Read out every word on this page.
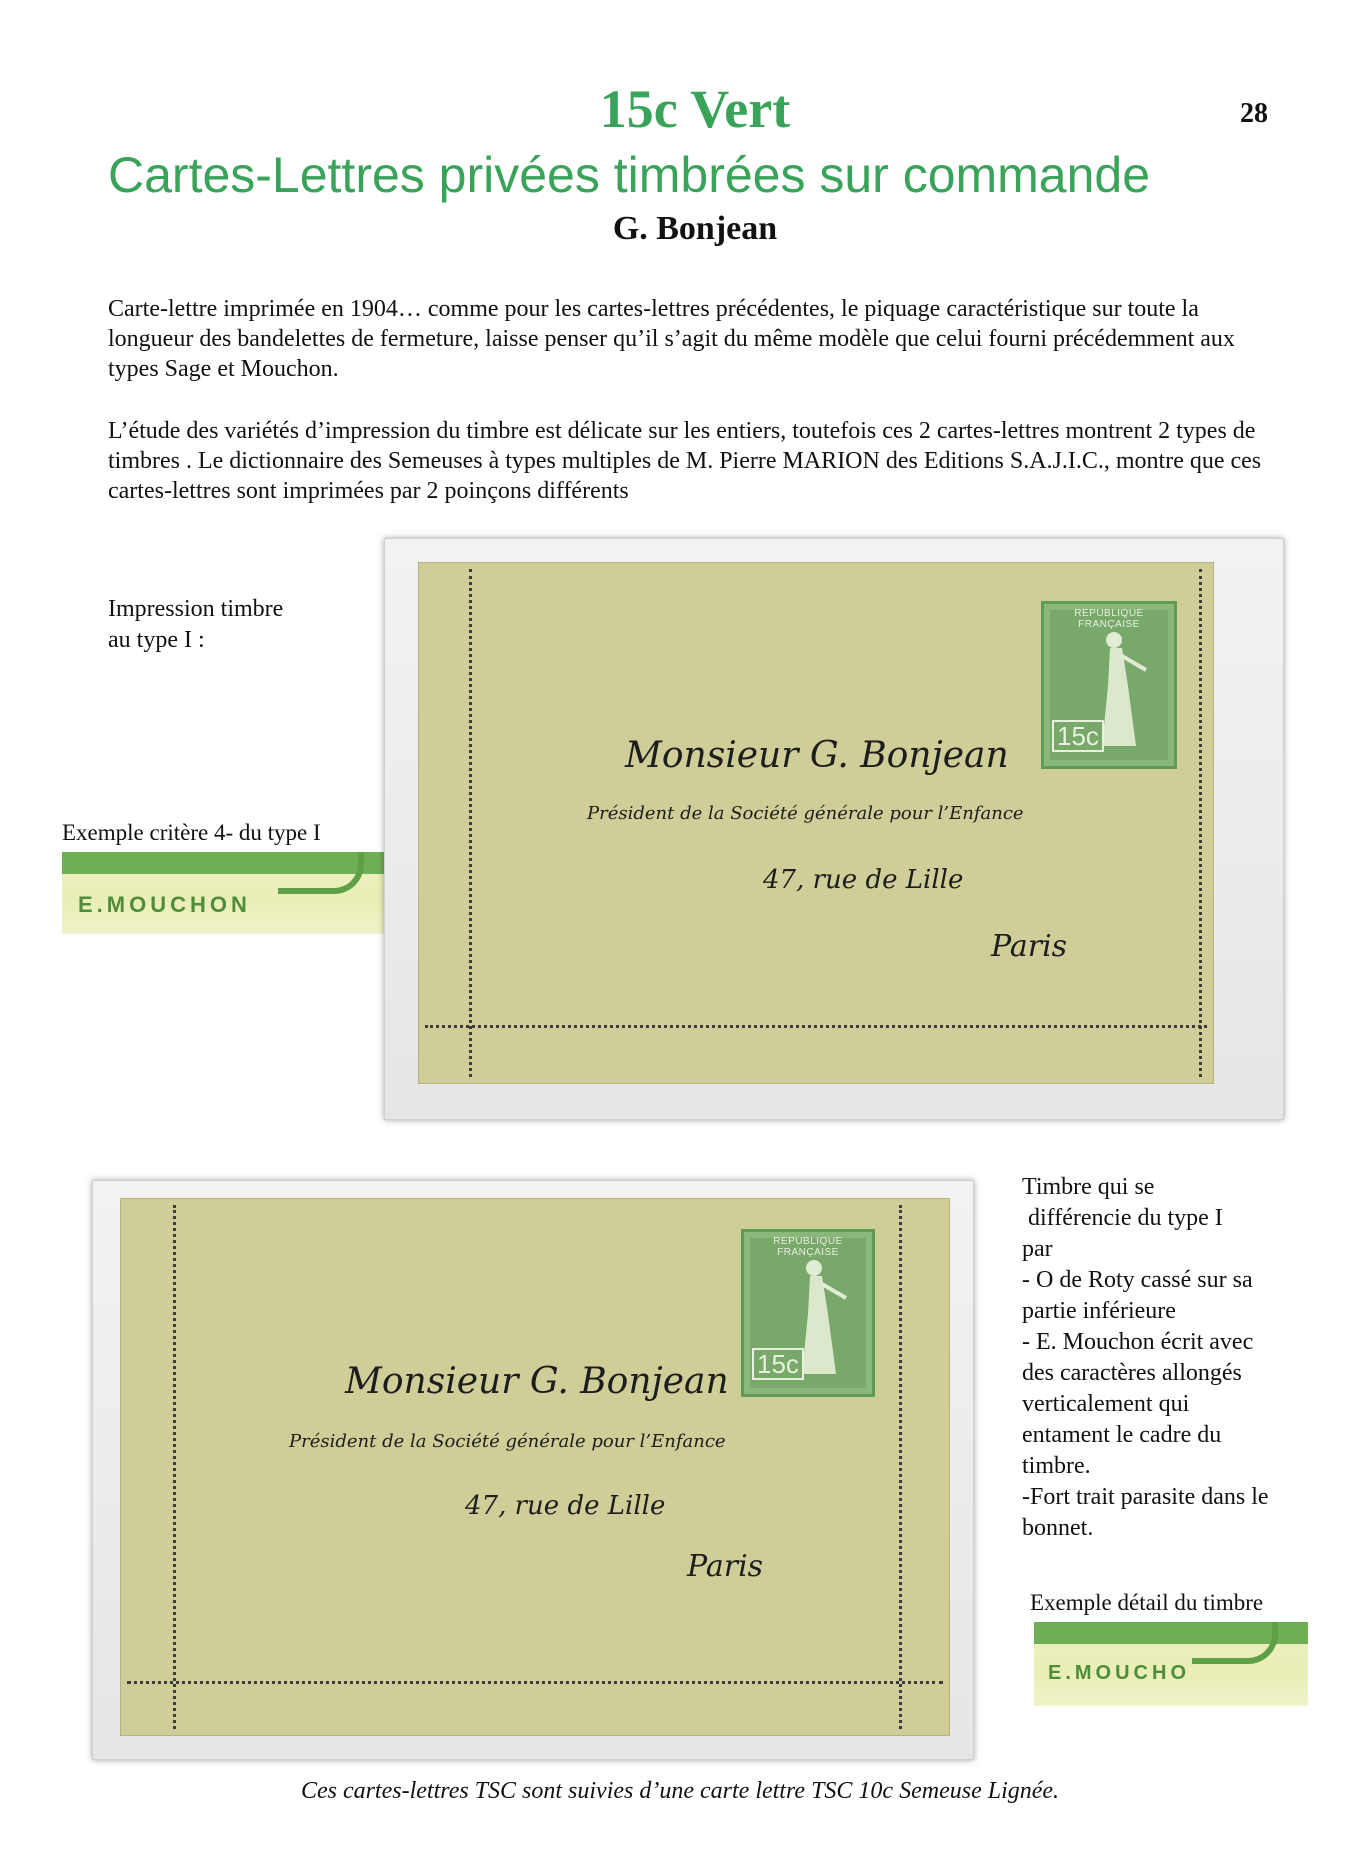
15c Vert	28
Cartes-Lettres privées timbrées sur commande
G. Bonjean
Carte-lettre imprimée en 1904… comme pour les cartes-lettres précédentes, le piquage caractéristique sur toute la longueur des bandelettes de fermeture, laisse penser qu’il s’agit du même modèle que celui fourni précédemment aux types Sage et Mouchon.
L’étude des variétés d’impression du timbre est délicate sur les entiers, toutefois ces 2 cartes-lettres montrent 2 types de timbres . Le dictionnaire des Semeuses à types multiples de M. Pierre MARION des Editions S.A.J.I.C., montre que ces cartes-lettres sont imprimées par 2 poinçons différents
Impression timbre
au type I :
Exemple critère 4- du type I
E.MOUCHON
REPUBLIQUE FRANÇAISE
15c
Monsieur G. Bonjean
Président de la Société générale pour l’Enfance
47, rue de Lille
Paris
REPUBLIQUE FRANÇAISE
15c
Monsieur G. Bonjean
Président de la Société générale pour l’Enfance
47, rue de Lille
Paris
Timbre qui se
différencie du type I
par
- O de Roty cassé sur sa
partie inférieure
- E. Mouchon écrit avec
des caractères allongés
verticalement qui
entament le cadre du
timbre.
-Fort trait parasite dans le
bonnet.
Exemple détail du timbre
E.MOUCHO
Ces cartes-lettres TSC sont suivies d’une carte lettre TSC 10c Semeuse Lignée.
